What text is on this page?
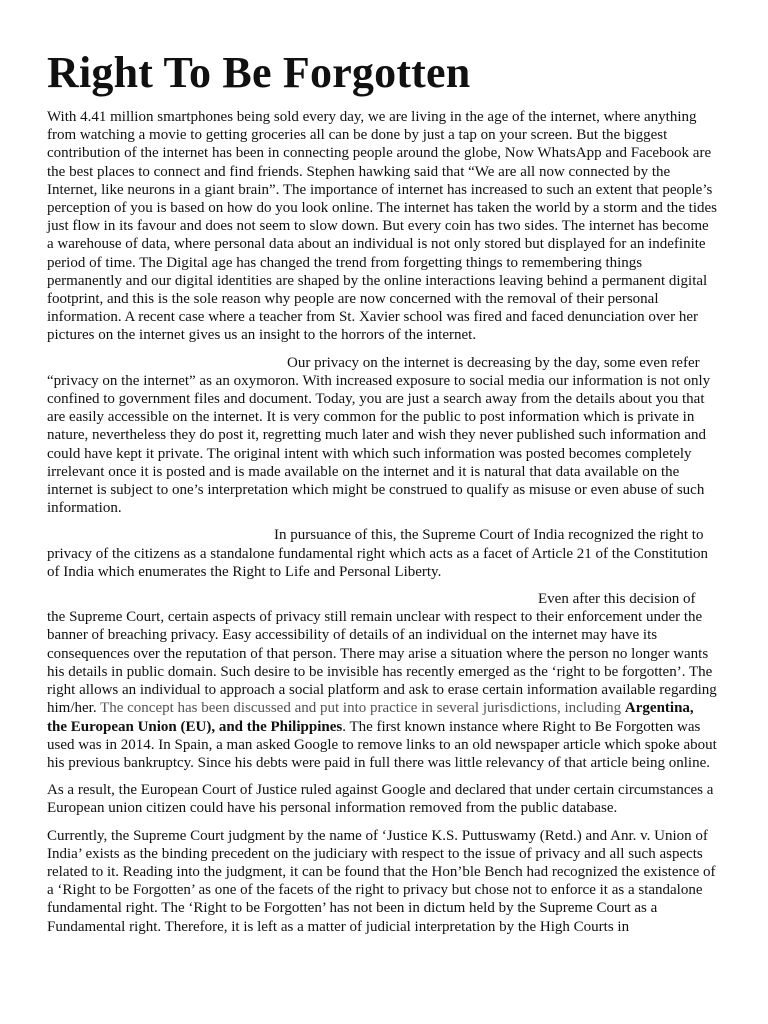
Right To Be Forgotten

With 4.41 million smartphones being sold every day, we are living in the age of the internet, where anything from watching a movie to getting groceries all can be done by just a tap on your screen. But the biggest contribution of the internet has been in connecting people around the globe, Now WhatsApp and Facebook are the best places to connect and find friends. Stephen hawking said that “We are all now connected by the Internet, like neurons in a giant brain”. The importance of internet has increased to such an extent that people’s perception of you is based on how do you look online. The internet has taken the world by a storm and the tides just flow in its favour and does not seem to slow down. But every coin has two sides. The internet has become a warehouse of data, where personal data about an individual is not only stored but displayed for an indefinite period of time. The Digital age has changed the trend from forgetting things to remembering things permanently and our digital identities are shaped by the online interactions leaving behind a permanent digital footprint, and this is the sole reason why people are now concerned with the removal of their personal information. A recent case where a teacher from St. Xavier school was fired and faced denunciation over her pictures on the internet gives us an insight to the horrors of the internet.

Our privacy on the internet is decreasing by the day, some even refer “privacy on the internet” as an oxymoron. With increased exposure to social media our information is not only confined to government files and document. Today, you are just a search away from the details about you that are easily accessible on the internet. It is very common for the public to post information which is private in nature, nevertheless they do post it, regretting much later and wish they never published such information and could have kept it private. The original intent with which such information was posted becomes completely irrelevant once it is posted and is made available on the internet and it is natural that data available on the internet is subject to one’s interpretation which might be construed to qualify as misuse or even abuse of such information.

In pursuance of this, the Supreme Court of India recognized the right to privacy of the citizens as a standalone fundamental right which acts as a facet of Article 21 of the Constitution of India which enumerates the Right to Life and Personal Liberty.

Even after this decision of the Supreme Court, certain aspects of privacy still remain unclear with respect to their enforcement under the banner of breaching privacy. Easy accessibility of details of an individual on the internet may have its consequences over the reputation of that person. There may arise a situation where the person no longer wants his details in public domain. Such desire to be invisible has recently emerged as the ‘right to be forgotten’. The right allows an individual to approach a social platform and ask to erase certain information available regarding him/her. The concept has been discussed and put into practice in several jurisdictions, including Argentina, the European Union (EU), and the Philippines. The first known instance where Right to Be Forgotten was used was in 2014. In Spain, a man asked Google to remove links to an old newspaper article which spoke about his previous bankruptcy. Since his debts were paid in full there was little relevancy of that article being online.

As a result, the European Court of Justice ruled against Google and declared that under certain circumstances a European union citizen could have his personal information removed from the public database.

Currently, the Supreme Court judgment by the name of ‘Justice K.S. Puttuswamy (Retd.) and Anr. v. Union of India’ exists as the binding precedent on the judiciary with respect to the issue of privacy and all such aspects related to it. Reading into the judgment, it can be found that the Hon’ble Bench had recognized the existence of a ‘Right to be Forgotten’ as one of the facets of the right to privacy but chose not to enforce it as a standalone fundamental right. The ‘Right to be Forgotten’ has not been in dictum held by the Supreme Court as a Fundamental right. Therefore, it is left as a matter of judicial interpretation by the High Courts in
